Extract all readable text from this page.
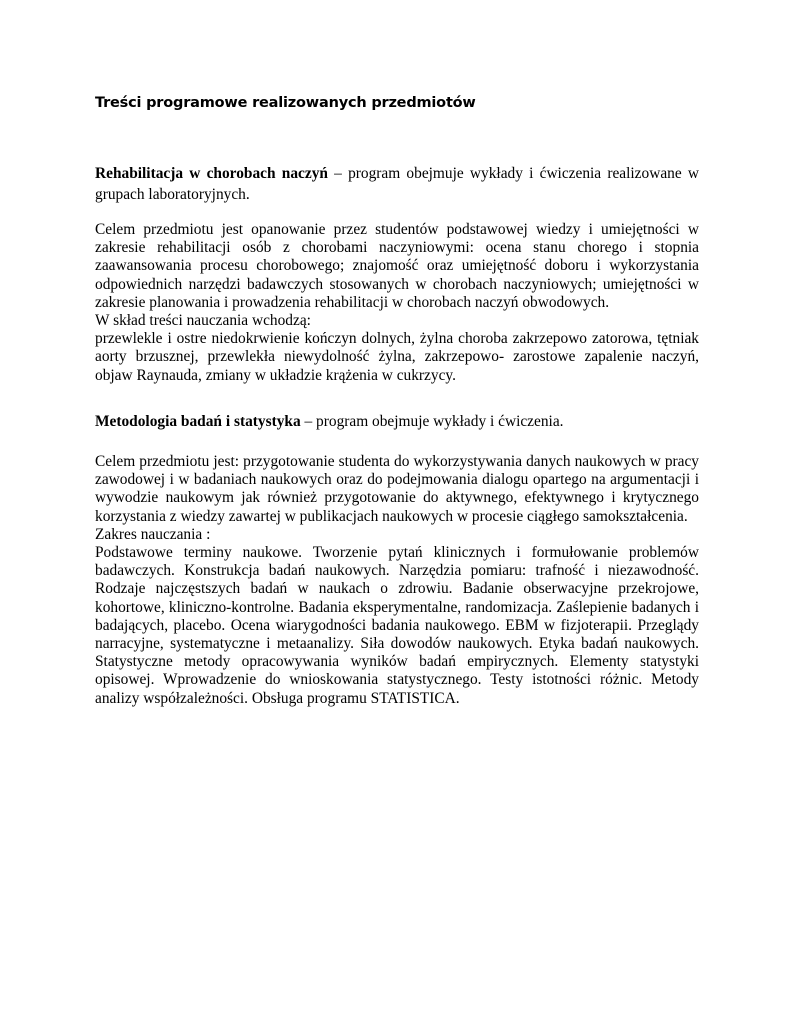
Treści programowe realizowanych przedmiotów

Rehabilitacja w chorobach naczyń – program obejmuje wykłady i ćwiczenia realizowane w grupach laboratoryjnych.

Celem przedmiotu jest opanowanie przez studentów podstawowej wiedzy i umiejętności w zakresie rehabilitacji osób z chorobami naczyniowymi: ocena stanu chorego i stopnia zaawansowania procesu chorobowego; znajomość oraz umiejętność doboru i wykorzystania odpowiednich narzędzi badawczych stosowanych w chorobach naczyniowych; umiejętności w zakresie planowania i prowadzenia rehabilitacji w chorobach naczyń obwodowych.
W skład treści nauczania wchodzą:
przewlekle i ostre niedokrwienie kończyn dolnych, żylna choroba zakrzepowo zatorowa, tętniak aorty brzusznej, przewlekła niewydolność żylna, zakrzepowo- zarostowe zapalenie naczyń, objaw Raynauda, zmiany w układzie krążenia w cukrzycy.

Metodologia badań i statystyka – program obejmuje wykłady i ćwiczenia.

Celem przedmiotu jest: przygotowanie studenta do wykorzystywania danych naukowych w pracy zawodowej i w badaniach naukowych oraz do podejmowania dialogu opartego na argumentacji i wywodzie naukowym jak również przygotowanie do aktywnego, efektywnego i krytycznego korzystania z wiedzy zawartej w publikacjach naukowych w procesie ciągłego samokształcenia.
Zakres nauczania :
Podstawowe terminy naukowe. Tworzenie pytań klinicznych i formułowanie problemów badawczych. Konstrukcja badań naukowych. Narzędzia pomiaru: trafność i niezawodność. Rodzaje najczęstszych badań w naukach o zdrowiu. Badanie obserwacyjne przekrojowe, kohortowe, kliniczno-kontrolne. Badania eksperymentalne, randomizacja. Zaślepienie badanych i badających, placebo. Ocena wiarygodności badania naukowego. EBM w fizjoterapii. Przeglądy narracyjne, systematyczne i metaanalizy. Siła dowodów naukowych. Etyka badań naukowych. Statystyczne metody opracowywania wyników badań empirycznych. Elementy statystyki opisowej. Wprowadzenie do wnioskowania statystycznego. Testy istotności różnic. Metody analizy współzależności. Obsługa programu STATISTICA.
